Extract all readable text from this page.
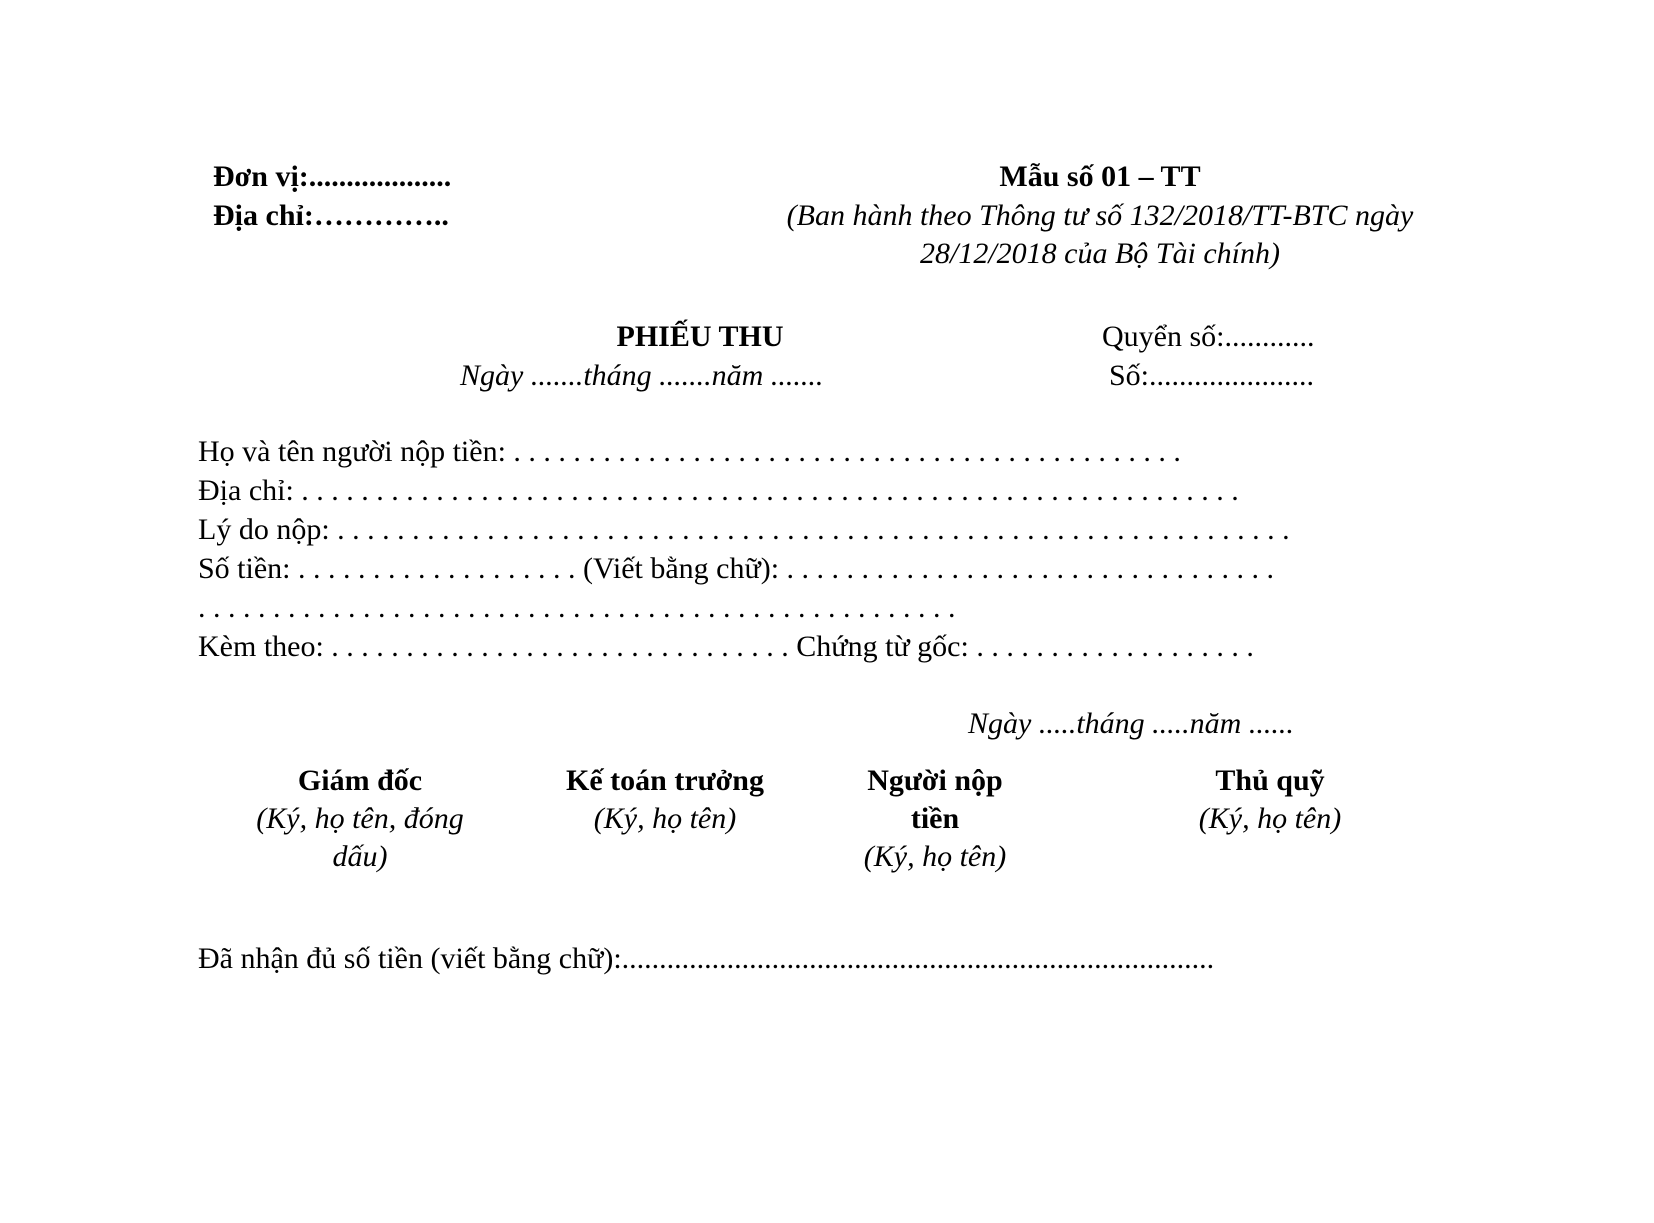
Đơn vị:...................
Địa chỉ:…………..
Mẫu số 01 – TT
(Ban hành theo Thông tư số 132/2018/TT-BTC ngày
28/12/2018 của Bộ Tài chính)
PHIẾU THU
Ngày .......tháng .......năm .......
Quyển số:............
Số:......................
Họ và tên người nộp tiền: . . . . . . . . . . . . . . . . . . . . . . . . . . . . . . . . . . . . . . . . . . . . .
Địa chỉ: . . . . . . . . . . . . . . . . . . . . . . . . . . . . . . . . . . . . . . . . . . . . . . . . . . . . . . . . . . . . . . .
Lý do nộp: . . . . . . . . . . . . . . . . . . . . . . . . . . . . . . . . . . . . . . . . . . . . . . . . . . . . . . . . . . . . . . . .
Số tiền: . . . . . . . . . . . . . . . . . . . (Viết bằng chữ): . . . . . . . . . . . . . . . . . . . . . . . . . . . . . . . . .
. . . . . . . . . . . . . . . . . . . . . . . . . . . . . . . . . . . . . . . . . . . . . . . . . . .
Kèm theo: . . . . . . . . . . . . . . . . . . . . . . . . . . . . . . . Chứng từ gốc: . . . . . . . . . . . . . . . . . . .
Ngày .....tháng .....năm ......
Giám đốc
(Ký, họ tên, đóng
dấu)
Kế toán trưởng
(Ký, họ tên)
Người nộp
tiền
(Ký, họ tên)
Thủ quỹ
(Ký, họ tên)
Đã nhận đủ số tiền (viết bằng chữ):...............................................................................
